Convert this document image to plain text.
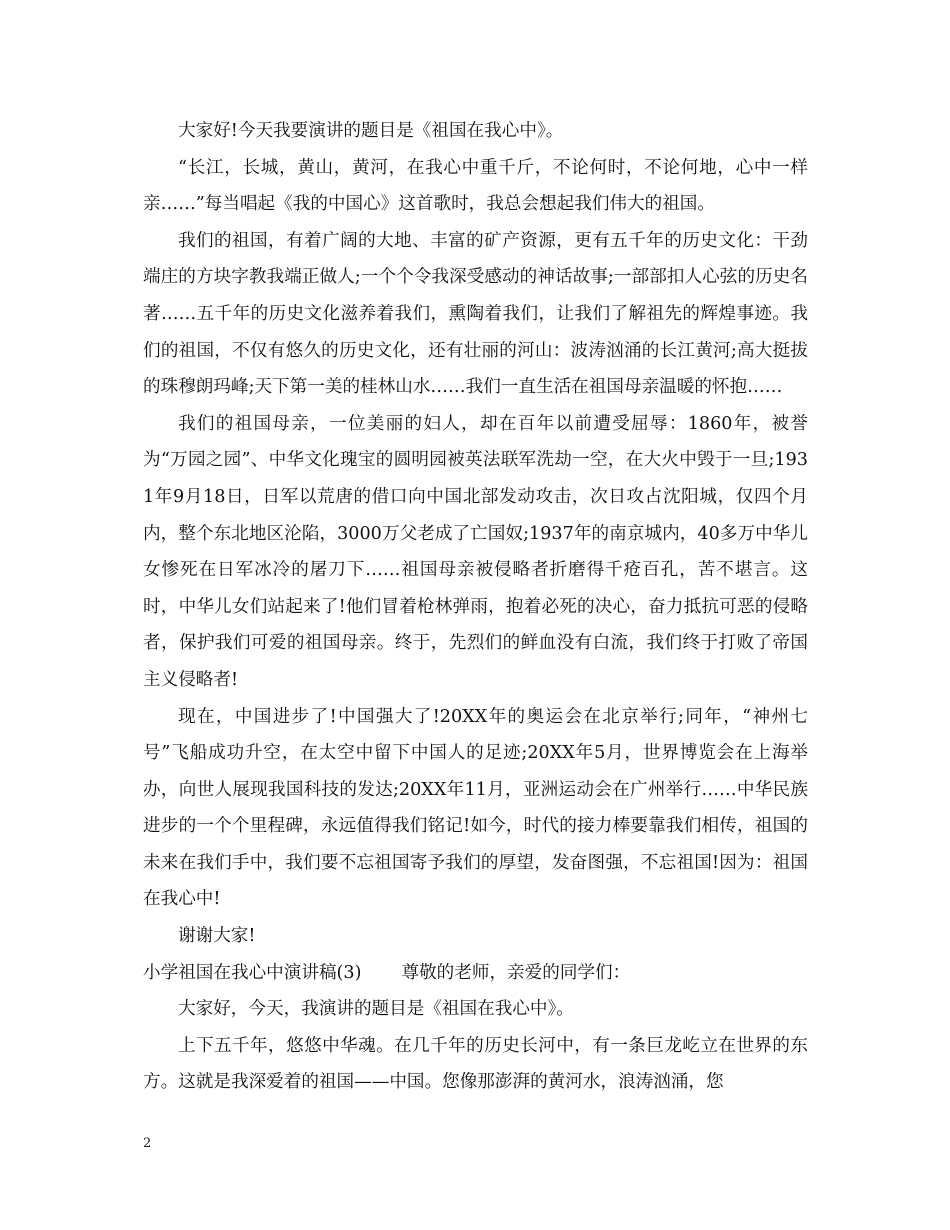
大家好!今天我要演讲的题目是《祖国在我心中》。

“长江，长城，黄山，黄河，在我心中重千斤，不论何时，不论何地，心中一样亲……”每当唱起《我的中国心》这首歌时，我总会想起我们伟大的祖国。

我们的祖国，有着广阔的大地、丰富的矿产资源，更有五千年的历史文化：干劲端庄的方块字教我端正做人;一个个令我深受感动的神话故事;一部部扣人心弦的历史名著……五千年的历史文化滋养着我们，熏陶着我们，让我们了解祖先的辉煌事迹。我们的祖国，不仅有悠久的历史文化，还有壮丽的河山：波涛汹涌的长江黄河;高大挺拔的珠穆朗玛峰;天下第一美的桂林山水……我们一直生活在祖国母亲温暖的怀抱……

我们的祖国母亲，一位美丽的妇人，却在百年以前遭受屈辱：1860年，被誉为“万园之园”、中华文化瑰宝的圆明园被英法联军洗劫一空，在大火中毁于一旦;1931年9月18日，日军以荒唐的借口向中国北部发动攻击，次日攻占沈阳城，仅四个月内，整个东北地区沦陷，3000万父老成了亡国奴;1937年的南京城内，40多万中华儿女惨死在日军冰冷的屠刀下……祖国母亲被侵略者折磨得千疮百孔，苦不堪言。这时，中华儿女们站起来了!他们冒着枪林弹雨，抱着必死的决心，奋力抵抗可恶的侵略者，保护我们可爱的祖国母亲。终于，先烈们的鲜血没有白流，我们终于打败了帝国主义侵略者!

现在，中国进步了!中国强大了!20XX年的奥运会在北京举行;同年，“神州七号”飞船成功升空，在太空中留下中国人的足迹;20XX年5月，世界博览会在上海举办，向世人展现我国科技的发达;20XX年11月，亚洲运动会在广州举行……中华民族进步的一个个里程碑，永远值得我们铭记!如今，时代的接力棒要靠我们相传，祖国的未来在我们手中，我们要不忘祖国寄予我们的厚望，发奋图强，不忘祖国!因为：祖国在我心中!

谢谢大家!

小学祖国在我心中演讲稿(3) 尊敬的老师，亲爱的同学们：

大家好，今天，我演讲的题目是《祖国在我心中》。

上下五千年，悠悠中华魂。在几千年的历史长河中，有一条巨龙屹立在世界的东方。这就是我深爱着的祖国——中国。您像那澎湃的黄河水，浪涛汹涌，您

2
